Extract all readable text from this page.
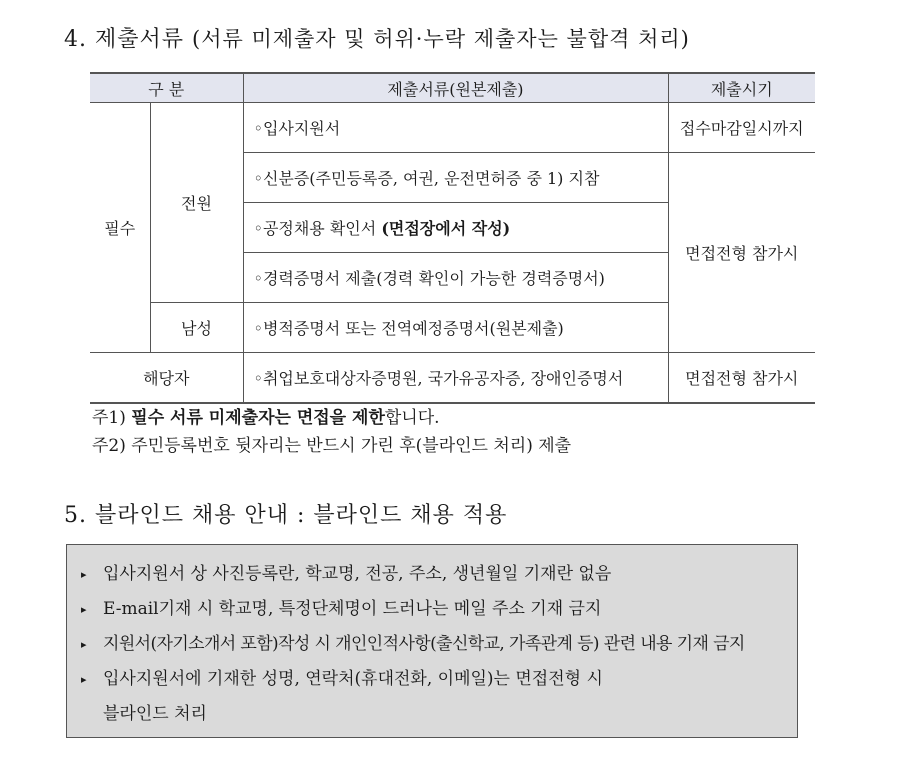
4. 제출서류 (서류 미제출자 및 허위·누락 제출자는 불합격 처리)
구 분		제출서류(원본제출)	제출시기
필수	전원	◦입사지원서	접수마감일시까지
		◦신분증(주민등록증, 여권, 운전면허증 중 1) 지참	면접전형 참가시
		◦공정채용 확인서 (면접장에서 작성)	
		◦경력증명서 제출(경력 확인이 가능한 경력증명서)	
	남성	◦병적증명서 또는 전역예정증명서(원본제출)	
해당자		◦취업보호대상자증명원, 국가유공자증, 장애인증명서	면접전형 참가시
주1) 필수 서류 미제출자는 면접을 제한합니다.
주2) 주민등록번호 뒷자리는 반드시 가린 후(블라인드 처리) 제출
5. 블라인드 채용 안내 : 블라인드 채용 적용
▸ 입사지원서 상 사진등록란, 학교명, 전공, 주소, 생년월일 기재란 없음
▸ E-mail기재 시 학교명, 특정단체명이 드러나는 메일 주소 기재 금지
▸ 지원서(자기소개서 포함)작성 시 개인인적사항(출신학교, 가족관계 등) 관련 내용 기재 금지
▸ 입사지원서에 기재한 성명, 연락처(휴대전화, 이메일)는 면접전형 시
블라인드 처리
